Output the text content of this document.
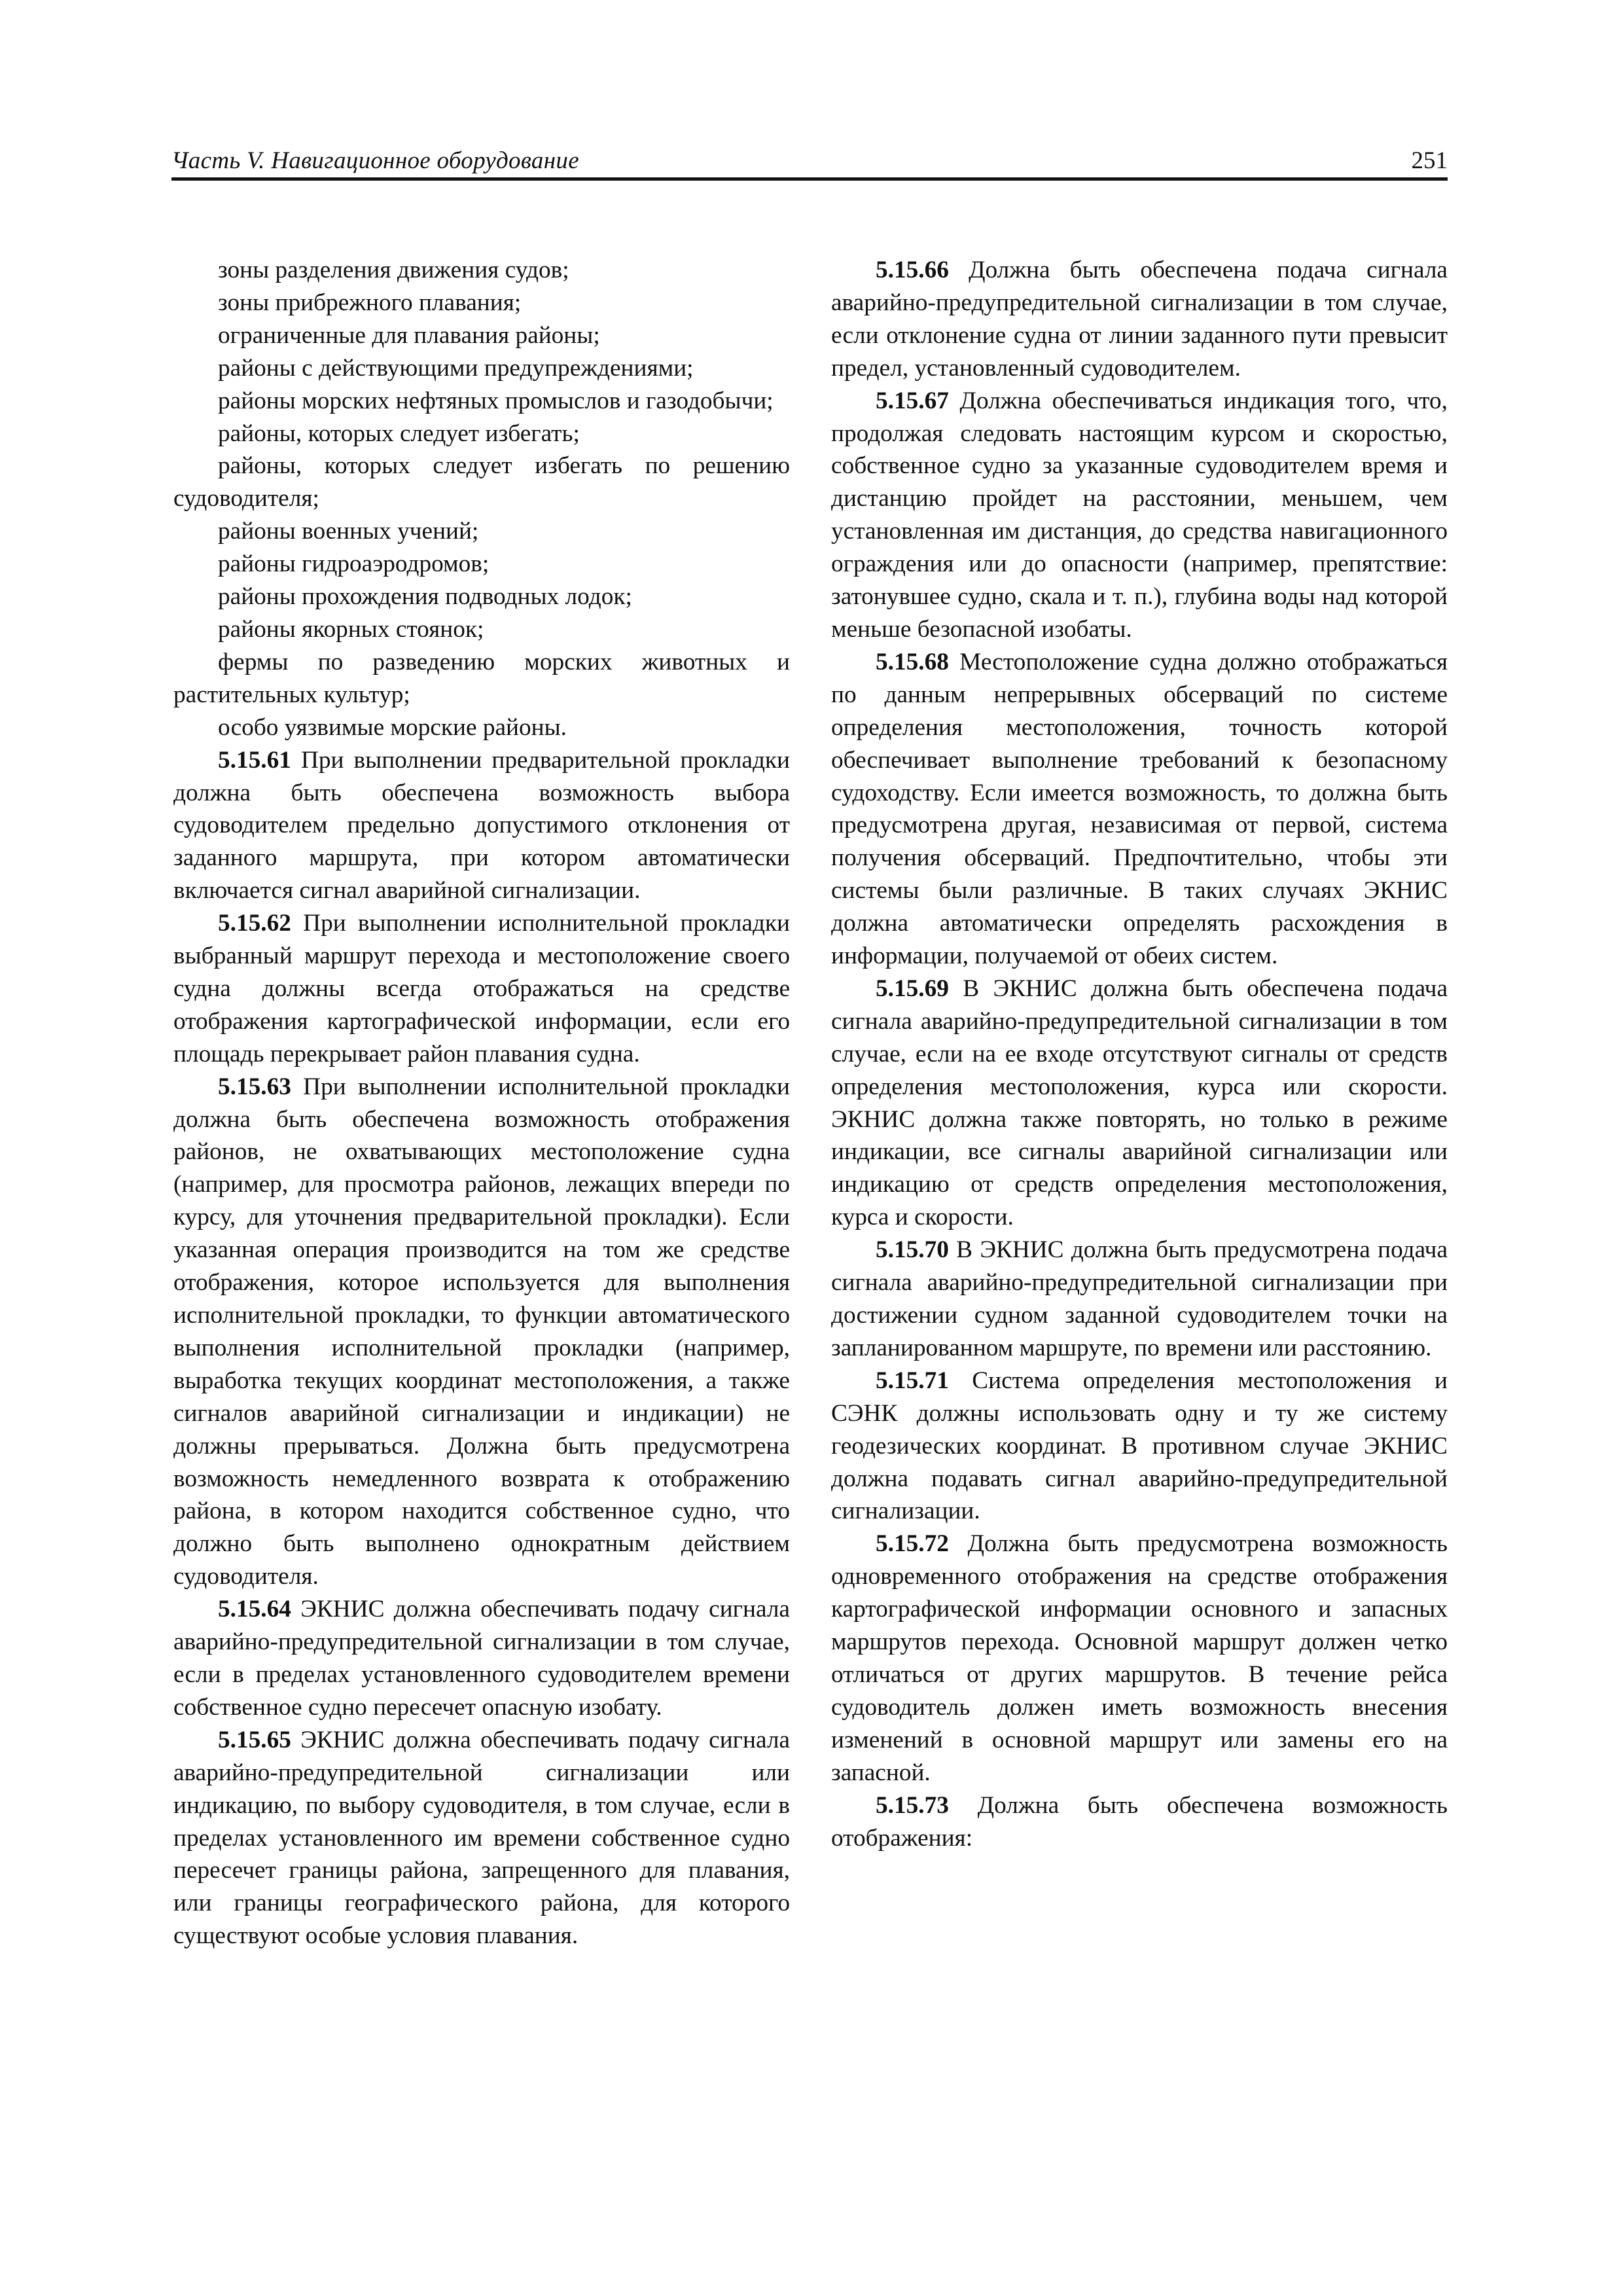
Часть V. Навигационное оборудование	251

зоны разделения движения судов;

зоны прибрежного плавания;

ограниченные для плавания районы;

районы с действующими предупреждениями;

районы морских нефтяных промыслов и газодобычи;

районы, которых следует избегать;

районы, которых следует избегать по решению судоводителя;

районы военных учений;

районы гидроаэродромов;

районы прохождения подводных лодок;

районы якорных стоянок;

фермы по разведению морских животных и растительных культур;

особо уязвимые морские районы.

5.15.61 При выполнении предварительной прокладки должна быть обеспечена возможность выбора судоводителем предельно допустимого отклонения от заданного маршрута, при котором автоматически включается сигнал аварийной сигнализации.

5.15.62 При выполнении исполнительной прокладки выбранный маршрут перехода и местоположение своего судна должны всегда отображаться на средстве отображения картографической информации, если его площадь перекрывает район плавания судна.

5.15.63 При выполнении исполнительной прокладки должна быть обеспечена возможность отображения районов, не охватывающих местоположение судна (например, для просмотра районов, лежащих впереди по курсу, для уточнения предварительной прокладки). Если указанная операция производится на том же средстве отображения, которое используется для выполнения исполнительной прокладки, то функции автоматического выполнения исполнительной прокладки (например, выработка текущих координат местоположения, а также сигналов аварийной сигнализации и индикации) не должны прерываться. Должна быть предусмотрена возможность немедленного возврата к отображению района, в котором находится собственное судно, что должно быть выполнено однократным действием судоводителя.

5.15.64 ЭКНИС должна обеспечивать подачу сигнала аварийно-предупредительной сигнализации в том случае, если в пределах установленного судоводителем времени собственное судно пересечет опасную изобату.

5.15.65 ЭКНИС должна обеспечивать подачу сигнала аварийно-предупредительной сигнализации или индикацию, по выбору судоводителя, в том случае, если в пределах установленного им времени собственное судно пересечет границы района, запрещенного для плавания, или границы географического района, для которого существуют особые условия плавания.

5.15.66 Должна быть обеспечена подача сигнала аварийно-предупредительной сигнализации в том случае, если отклонение судна от линии заданного пути превысит предел, установленный судоводителем.

5.15.67 Должна обеспечиваться индикация того, что, продолжая следовать настоящим курсом и скоростью, собственное судно за указанные судоводителем время и дистанцию пройдет на расстоянии, меньшем, чем установленная им дистанция, до средства навигационного ограждения или до опасности (например, препятствие: затонувшее судно, скала и т. п.), глубина воды над которой меньше безопасной изобаты.

5.15.68 Местоположение судна должно отображаться по данным непрерывных обсерваций по системе определения местоположения, точность которой обеспечивает выполнение требований к безопасному судоходству. Если имеется возможность, то должна быть предусмотрена другая, независимая от первой, система получения обсерваций. Предпочтительно, чтобы эти системы были различные. В таких случаях ЭКНИС должна автоматически определять расхождения в информации, получаемой от обеих систем.

5.15.69 В ЭКНИС должна быть обеспечена подача сигнала аварийно-предупредительной сигнализации в том случае, если на ее входе отсутствуют сигналы от средств определения местоположения, курса или скорости. ЭКНИС должна также повторять, но только в режиме индикации, все сигналы аварийной сигнализации или индикацию от средств определения местоположения, курса и скорости.

5.15.70 В ЭКНИС должна быть предусмотрена подача сигнала аварийно-предупредительной сигнализации при достижении судном заданной судоводителем точки на запланированном маршруте, по времени или расстоянию.

5.15.71 Система определения местоположения и СЭНК должны использовать одну и ту же систему геодезических координат. В противном случае ЭКНИС должна подавать сигнал аварийно-предупредительной сигнализации.

5.15.72 Должна быть предусмотрена возможность одновременного отображения на средстве отображения картографической информации основного и запасных маршрутов перехода. Основной маршрут должен четко отличаться от других маршрутов. В течение рейса судоводитель должен иметь возможность внесения изменений в основной маршрут или замены его на запасной.

5.15.73 Должна быть обеспечена возможность отображения:
